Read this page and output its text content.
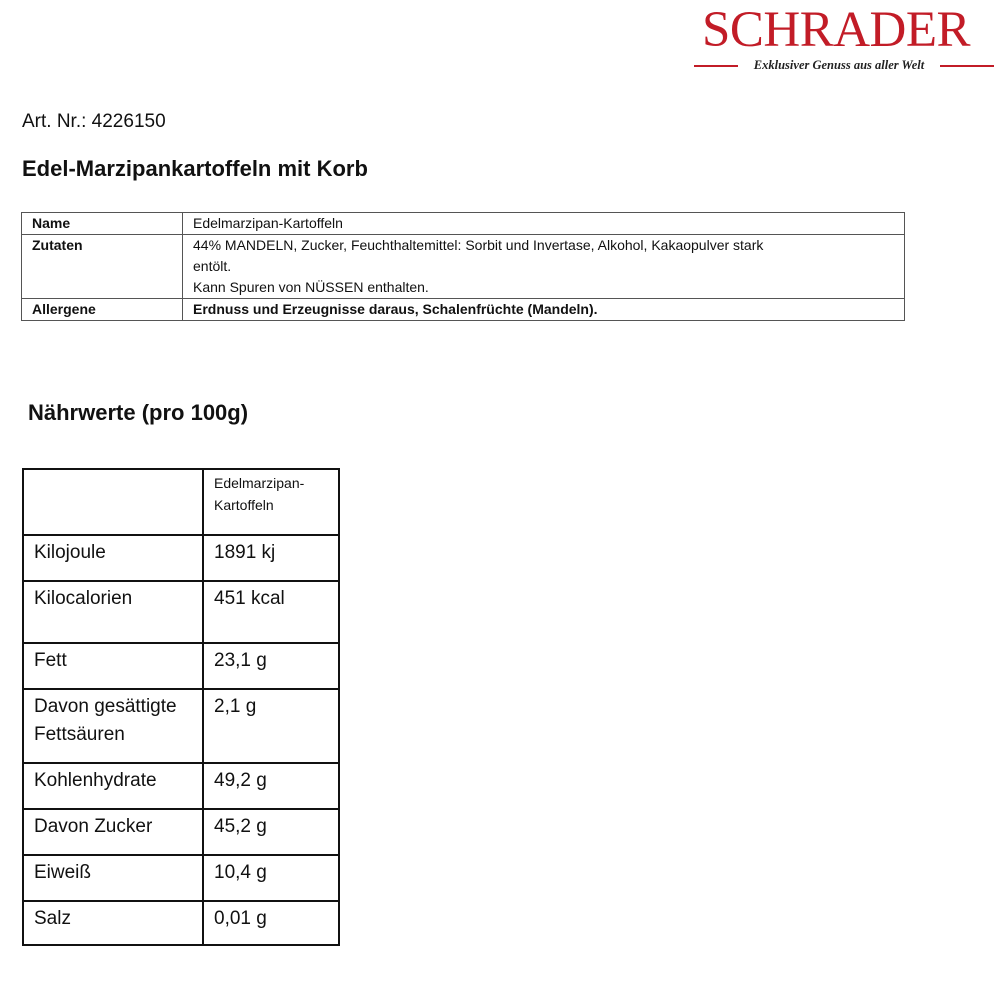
SCHRADER
Exklusiver Genuss aus aller Welt
Art. Nr.: 4226150
Edel-Marzipankartoffeln mit Korb
Name	Edelmarzipan-Kartoffeln
Zutaten	44% MANDELN, Zucker, Feuchthaltemittel: Sorbit und Invertase, Alkohol, Kakaopulver stark
entölt.
Kann Spuren von NÜSSEN enthalten.

Allergene	Erdnuss und Erzeugnisse daraus, Schalenfrüchte (Mandeln).
Nährwerte (pro 100g)

	Edelmarzipan-
Kartoffeln

Kilojoule	1891 kj
Kilocalorien	451 kcal
Fett	23,1 g

Davon gesättigte
Fettsäuren	2,1 g
Kohlenhydrate	49,2 g
Davon Zucker	45,2 g
Eiweiß	10,4 g
Salz	0,01 g
